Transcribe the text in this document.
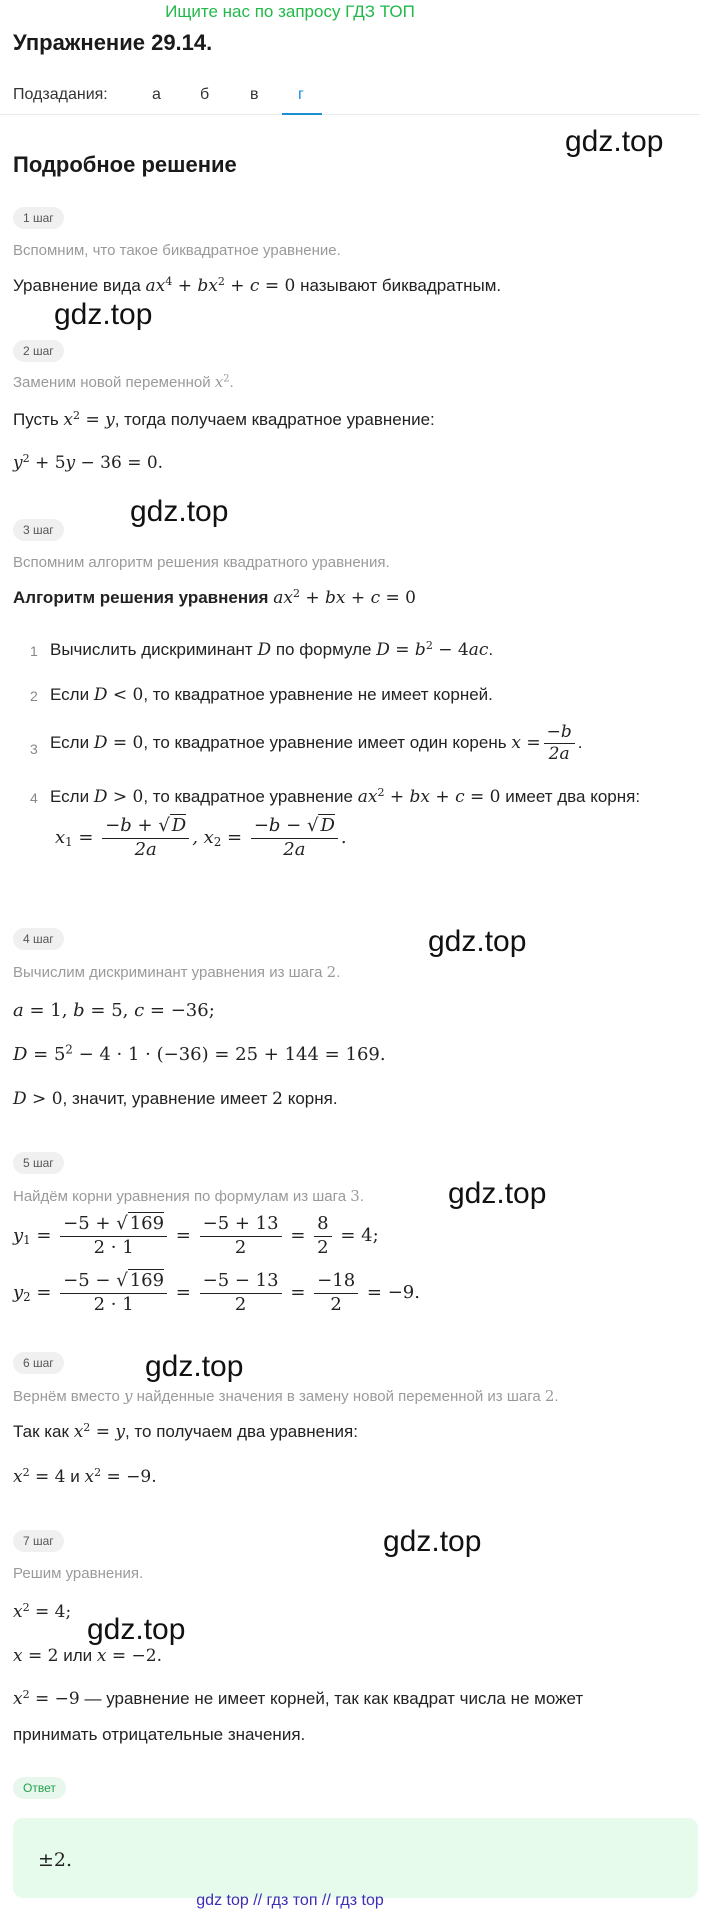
Ищите нас по запросу ГДЗ ТОП
Упражнение 29.14.
Подзадания:	а б	в г
Подробное решение
gdz.top
gdz.top
gdz.top
gdz.top
gdz.top
gdz.top
gdz.top
gdz.top
1 шаг
Вспомним, что такое биквадратное уравнение.
Уравнение вида $ax^4 + bx^2 + c = 0$ называют биквадратным.
2 шаг
Заменим новой переменной $x^2$.
Пусть $x^2 = y$, тогда получаем квадратное уравнение:
$y^2 + 5y - 36 = 0$.
3 шаг
Вспомним алгоритм решения квадратного уравнения.
Алгоритм решения уравнения $ax^2$ + bx + c = 0
1 Вычислить дискриминант D по формуле $D = b^2 - 4ac$.
2 Если D < 0, то квадратное уравнение не имеет корней.
3 Если D = 0, то квадратное уравнение имеет один корень $x = \frac{-b}{2a}$ .
4 Если D > 0, то квадратное уравнение $ax^2$ + bx + c = 0 имеет два корня:
$x_1 = \frac{-b + √ D}{2a}$ , $x_2 = \frac{-b - √ D}{2a}$ .
4 шаг
Вычислим дискриминант уравнения из шага 2.
a = 1, b = 5, c = −36;
$D = 5^2 - 4 \cdot 1 \cdot (-36) = 25 + 144 = 169$.
D > 0, значит, уравнение имеет 2 корня.
5 шаг
Найдём корни уравнения по формулам из шага 3.
$y_1 = \frac{-5 + √ 169}{2 \cdot 1} = \frac{-5 + 13}{2} = \frac{8}{2} = 4$;
$y_2 = \frac{-5 - √ 169}{2 \cdot 1} = \frac{-5 - 13}{2} = \frac{-18}{2} = -9$.
6 шаг
Вернём вместо y найденные значения в замену новой переменной из шага 2.
Так как $x^2 = y$, то получаем два уравнения:
$x^2 = 4$ и $x^2 = -9$.
7 шаг
Решим уравнения.
$x^2 = 4$;
x = 2 или x = −2.
$x^2 = -9$ — уравнение не имеет корней, так как квадрат числа не может
принимать отрицательные значения.
Ответ
±2.
gdz top // гдз топ // гдз top
